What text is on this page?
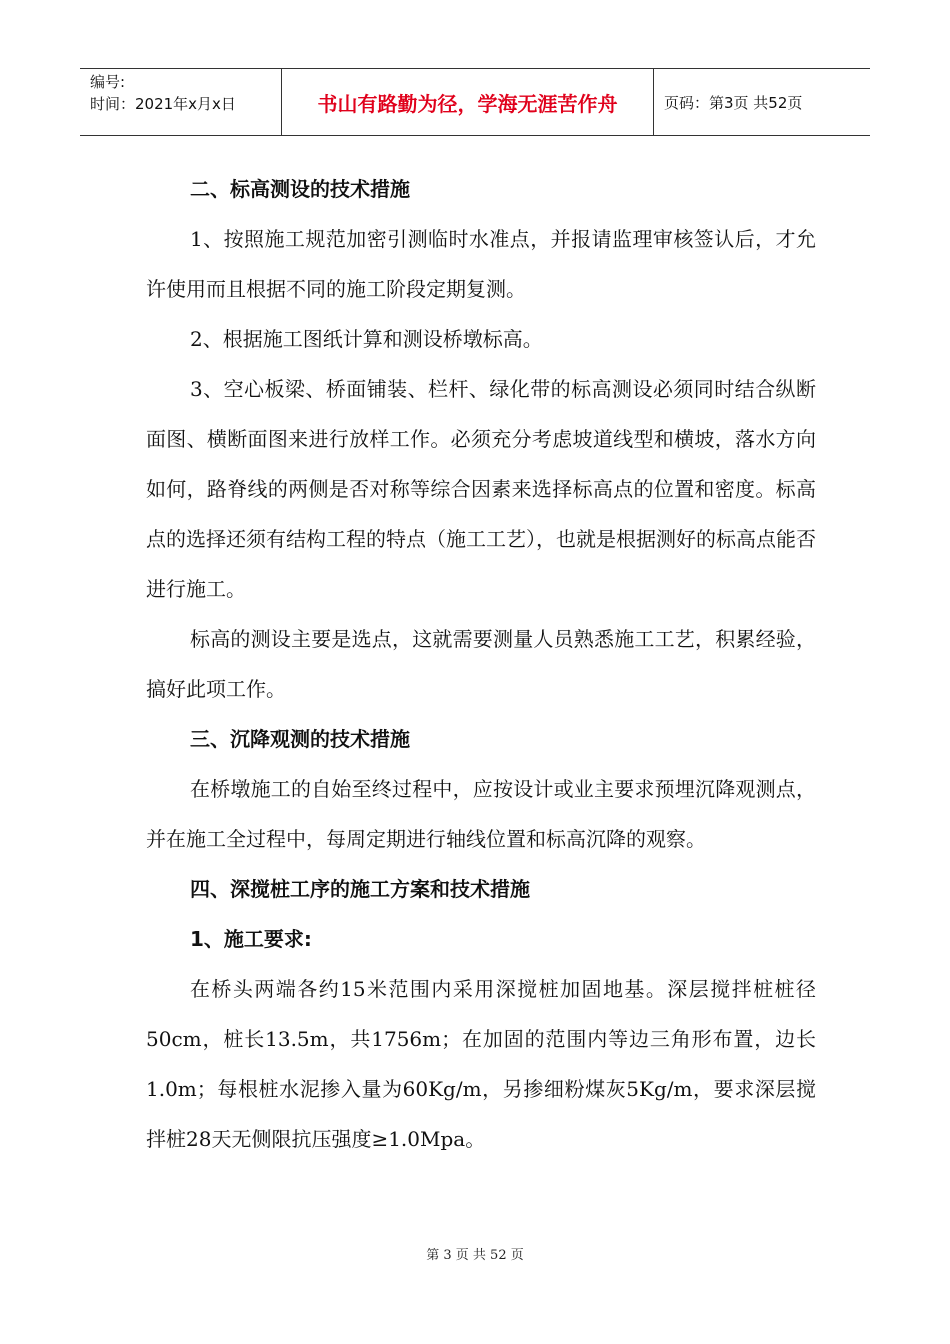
编号:
时间：2021年x月x日	书山有路勤为径，学海无涯苦作舟	页码：第3页 共52页

二、标高测设的技术措施

1、按照施工规范加密引测临时水准点，并报请监理审核签认后，才允许使用而且根据不同的施工阶段定期复测。

2、根据施工图纸计算和测设桥墩标高。

3、空心板梁、桥面铺装、栏杆、绿化带的标高测设必须同时结合纵断面图、横断面图来进行放样工作。必须充分考虑坡道线型和横坡，落水方向如何，路脊线的两侧是否对称等综合因素来选择标高点的位置和密度。标高点的选择还须有结构工程的特点（施工工艺），也就是根据测好的标高点能否进行施工。

标高的测设主要是选点，这就需要测量人员熟悉施工工艺，积累经验，搞好此项工作。

三、沉降观测的技术措施

在桥墩施工的自始至终过程中，应按设计或业主要求预埋沉降观测点，并在施工全过程中，每周定期进行轴线位置和标高沉降的观察。

四、深搅桩工序的施工方案和技术措施

1、施工要求:

在桥头两端各约15米范围内采用深搅桩加固地基。深层搅拌桩桩径50cm，桩长13.5m，共1756m；在加固的范围内等边三角形布置，边长1.0m；每根桩水泥掺入量为60Kg/m，另掺细粉煤灰5Kg/m，要求深层搅拌桩28天无侧限抗压强度≥1.0Mpa。

第 3 页 共 52 页
